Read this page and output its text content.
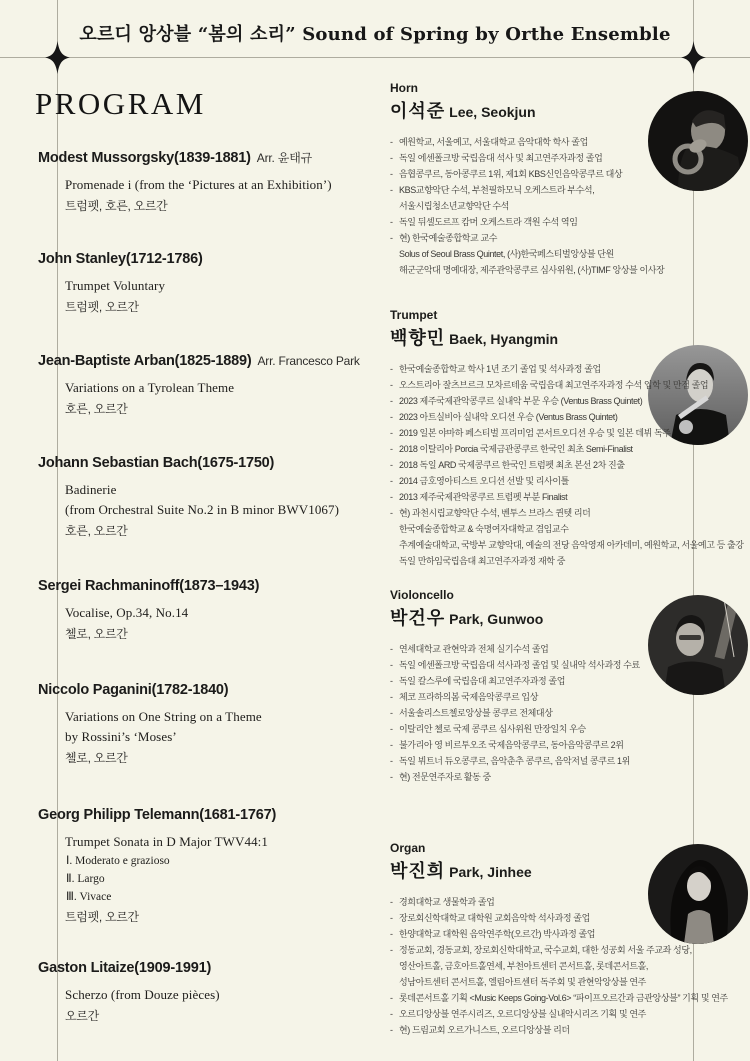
오르디 앙상블 “봄의 소리” Sound of Spring by Orthe Ensemble
PROGRAM
Modest Mussorgsky(1839-1881) Arr. 윤태규
Promenade i (from the ‘Pictures at an Exhibition’)
트럼펫, 호른, 오르간
John Stanley(1712-1786)
Trumpet Voluntary
트럼펫, 오르간
Jean-Baptiste Arban(1825-1889) Arr. Francesco Park
Variations on a Tyrolean Theme
호른, 오르간
Johann Sebastian Bach(1675-1750)
Badinerie
(from Orchestral Suite No.2 in B minor BWV1067)
호른, 오르간
Sergei Rachmaninoff(1873–1943)
Vocalise, Op.34, No.14
첼로, 오르간
Niccolo Paganini(1782-1840)
Variations on One String on a Theme
by Rossini’s ‘Moses’
첼로, 오르간
Georg Philipp Telemann(1681-1767)
Trumpet Sonata in D Major TWV44:1
Ⅰ. Moderato e grazioso
Ⅱ. Largo
Ⅲ. Vivace
트럼펫, 오르간
Gaston Litaize(1909-1991)
Scherzo (from Douze pièces)
오르간
Horn
이석준 Lee, Seokjun
- 예원학교, 서울예고, 서울대학교 음악대학 학사 졸업
- 독일 에센폴크방 국립음대 석사 및 최고연주자과정 졸업
- 음협콩쿠르, 동아콩쿠르 1위, 제1회 KBS신인음악콩쿠르 대상
- KBS교향악단 수석, 부천필하모닉 오케스트라 부수석,
서울시립청소년교향악단 수석
- 독일 뒤셀도르프 캄머 오케스트라 객원 수석 역임
- 현) 한국예술종합학교 교수
Solus of Seoul Brass Quintet, (사)한국페스티벌앙상블 단원
해군군악대 명예대장, 제주관악콩쿠르 심사위원, (사)TIMF 앙상블 이사장
Trumpet
백향민 Baek, Hyangmin
- 한국예술종합학교 학사 1년 조기 졸업 및 석사과정 졸업
- 오스트리아 잘츠브르크 모차르테움 국립음대 최고연주자과정 수석 입학 및 만점 졸업
- 2023 제주국제관악콩쿠르 실내악 부문 우승 (Ventus Brass Quintet)
- 2023 아트실비아 실내악 오디션 우승 (Ventus Brass Quintet)
- 2019 일본 야마하 페스티벌 프리미엄 콘서트오디션 우승 및 일본 데뷔 독주
- 2018 이탈리아 Porcia 국제금관콩쿠르 한국인 최초 Semi-Finalist
- 2018 독일 ARD 국제콩쿠르 한국인 트럼펫 최초 본선 2차 진출
- 2014 금호영아티스트 오디션 선발 및 리사이틀
- 2013 제주국제관악콩쿠르 트럼펫 부분 Finalist
- 현) 과천시립교향악단 수석, 벤투스 브라스 퀸텟 리더
한국예술종합학교 & 숙명여자대학교 겸임교수
추계예술대학교, 국방부 교향악대, 예술의 전당 음악영재 아카데미, 예원학교, 서울예고 등 출강
독일 만하임국립음대 최고연주자과정 재학 중
Violoncello
박건우 Park, Gunwoo
- 연세대학교 관현악과 전체 실기수석 졸업
- 독일 에센폴크방 국립음대 석사과정 졸업 및 실내악 석사과정 수료
- 독일 칼스루에 국립음대 최고연주자과정 졸업
- 체코 프라하의봄 국제음악콩쿠르 입상
- 서울솔리스트첼로앙상블 콩쿠르 전체대상
- 이탈리안 첼로 국제 콩쿠르 심사위원 만장일치 우승
- 불가리아 영 비르투오조 국제음악콩쿠르, 동아음악콩쿠르 2위
- 독일 뷔트너 듀오콩쿠르, 음악춘추 콩쿠르, 음악저널 콩쿠르 1위
- 현) 전문연주자로 활동 중
Organ
박진희 Park, Jinhee
- 경희대학교 생물학과 졸업
- 장로회신학대학교 대학원 교회음악학 석사과정 졸업
- 한양대학교 대학원 음악연주학(오르간) 박사과정 졸업
- 정동교회, 경동교회, 장로회신학대학교, 국수교회, 대한 성공회 서울 주교좌 성당,
영산아트홀, 금호아트홀연세, 부천아트센터 콘서트홀, 롯데콘서트홀,
성남아트센터 콘서트홀, 엘림아트센터 독주회 및 관현악앙상블 연주
- 롯데콘서트홀 기획 <Music Keeps Going-Vol.6> “파이프오르간과 금관앙상블” 기획 및 연주
- 오르디앙상블 연주시리즈, 오르디앙상블 실내악시리즈 기획 및 연주
- 현) 드림교회 오르가니스트, 오르디앙상블 리더
